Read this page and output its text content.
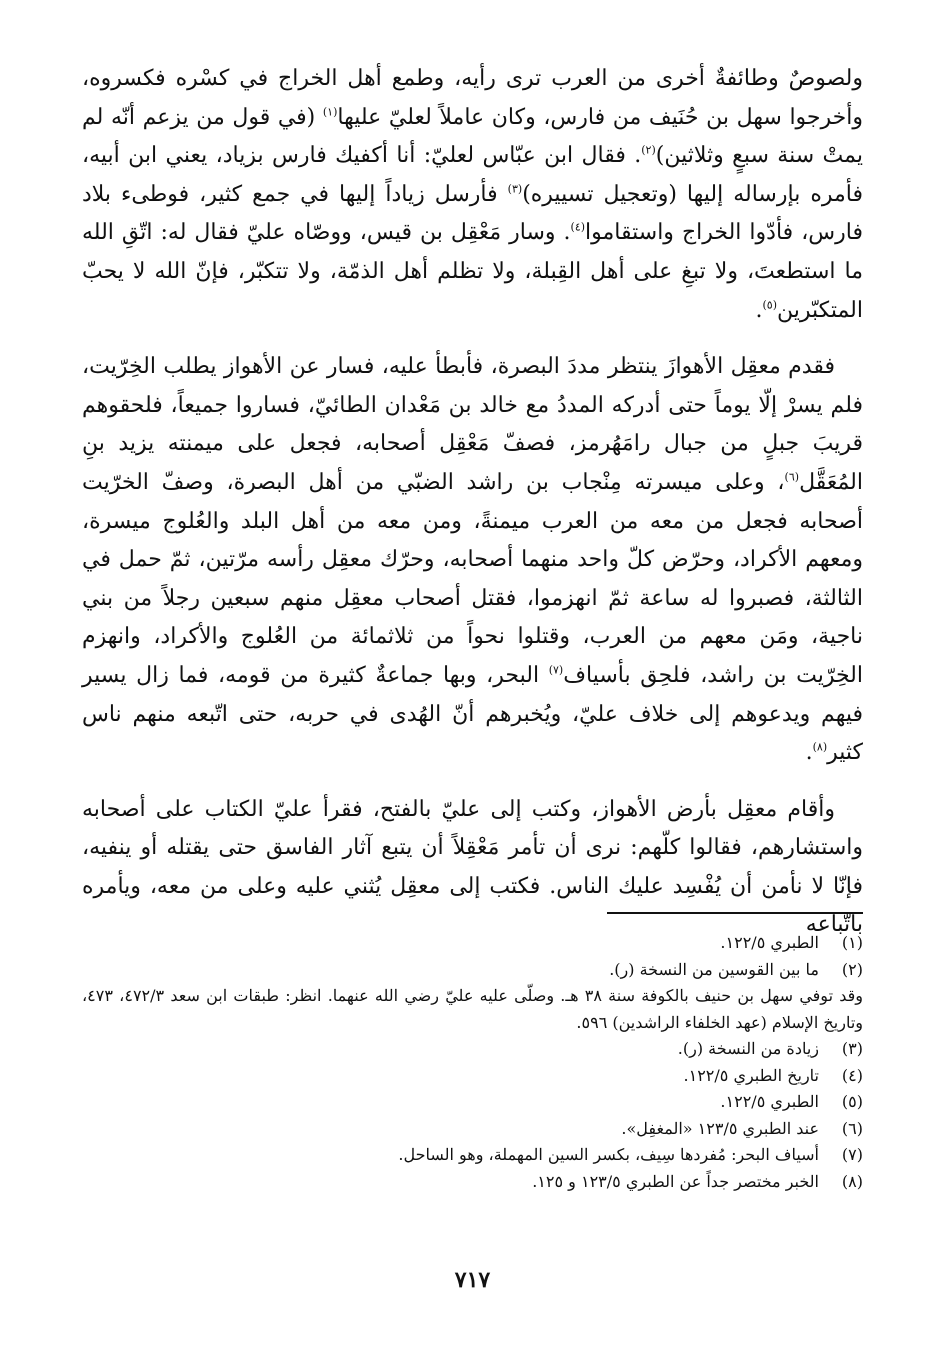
ولصوصٌ وطائفةٌ أخرى من العرب ترى رأيه، وطمع أهل الخراج في كسْره فكسروه، وأخرجوا سهل بن حُنَيف من فارس، وكان عاملاً لعليّ عليها$^{(١)}$ (في قول من يزعم أنّه لم يمتْ سنة سبعٍ وثلاثين)$^{(٢)}$. فقال ابن عبّاس لعليّ: أنا أكفيك فارس بزياد، يعني ابن أبيه، فأمره بإرساله إليها (وتعجيل تسييره)$^{(٣)}$ فأرسل زياداً إليها في جمع كثير، فوطىء بلاد فارس، فأدّوا الخراج واستقاموا$^{(٤)}$. وسار مَعْقِل بن قيس، ووصّاه عليّ فقال له: اتّقِ الله ما استطعتَ، ولا تبغِ على أهل القِبلة، ولا تظلم أهل الذمّة، ولا تتكبّر، فإنّ الله لا يحبّ المتكبّرين$^{(٥)}$.

فقدم معقِل الأهوازَ ينتظر مددَ البصرة، فأبطأ عليه، فسار عن الأهواز يطلب الخِرّيت، فلم يسرْ إلّا يوماً حتى أدركه المددُ مع خالد بن مَعْدان الطائيّ، فساروا جميعاً، فلحقوهم قريبَ جبلٍ من جبال رامَهُرمز، فصفّ مَعْقِل أصحابه، فجعل على ميمنته يزيد بنِ المُعَقَّل$^{(٦)}$، وعلى ميسرته مِنْجاب بن راشد الضبّي من أهل البصرة، وصفّ الخرّيت أصحابه فجعل من معه من العرب ميمنةً، ومن معه من أهل البلد والعُلوج ميسرة، ومعهم الأكراد، وحرّض كلّ واحد منهما أصحابه، وحرّك معقِل رأسه مرّتين، ثمّ حمل في الثالثة، فصبروا له ساعة ثمّ انهزموا، فقتل أصحاب معقِل منهم سبعين رجلاً من بني ناجية، ومَن معهم من العرب، وقتلوا نحواً من ثلاثمائة من العُلوج والأكراد، وانهزم الخِرّيت بن راشد، فلحِق بأسياف$^{(٧)}$ البحر، وبها جماعةٌ كثيرة من قومه، فما زال يسير فيهم ويدعوهم إلى خلاف عليّ، ويُخبرهم أنّ الهُدى في حربه، حتى اتّبعه منهم ناس كثير$^{(٨)}$.

وأقام معقِل بأرض الأهواز، وكتب إلى عليّ بالفتح، فقرأ عليّ الكتاب على أصحابه واستشارهم، فقالوا كلّهم: نرى أن تأمر مَعْقِلاً أن يتبع آثار الفاسق حتى يقتله أو ينفيه، فإنّا لا نأمن أن يُفْسِد عليك الناس. فكتب إلى معقِل يُثني عليه وعلى من معه، ويأمره باتّباعه

(١)
الطبري ١٢٢/٥.
(٢)
ما بين القوسين من النسخة (ر).
وقد توفي سهل بن حنيف بالكوفة سنة ٣٨ هـ. وصلّى عليه عليّ رضي الله عنهما. انظر: طبقات ابن سعد ٤٧٢/٣، ٤٧٣، وتاريخ الإسلام (عهد الخلفاء الراشدين) ٥٩٦.
(٣)
زيادة من النسخة (ر).
(٤)
تاريخ الطبري ١٢٢/٥.
(٥)
الطبري ١٢٢/٥.
(٦)
عند الطبري ١٢٣/٥ «المغفِل».
(٧)
أسياف البحر: مُفردها سِيف، بكسر السين المهملة، وهو الساحل.
(٨)
الخبر مختصر جداً عن الطبري ١٢٣/٥ و ١٢٥.
٧١٧
